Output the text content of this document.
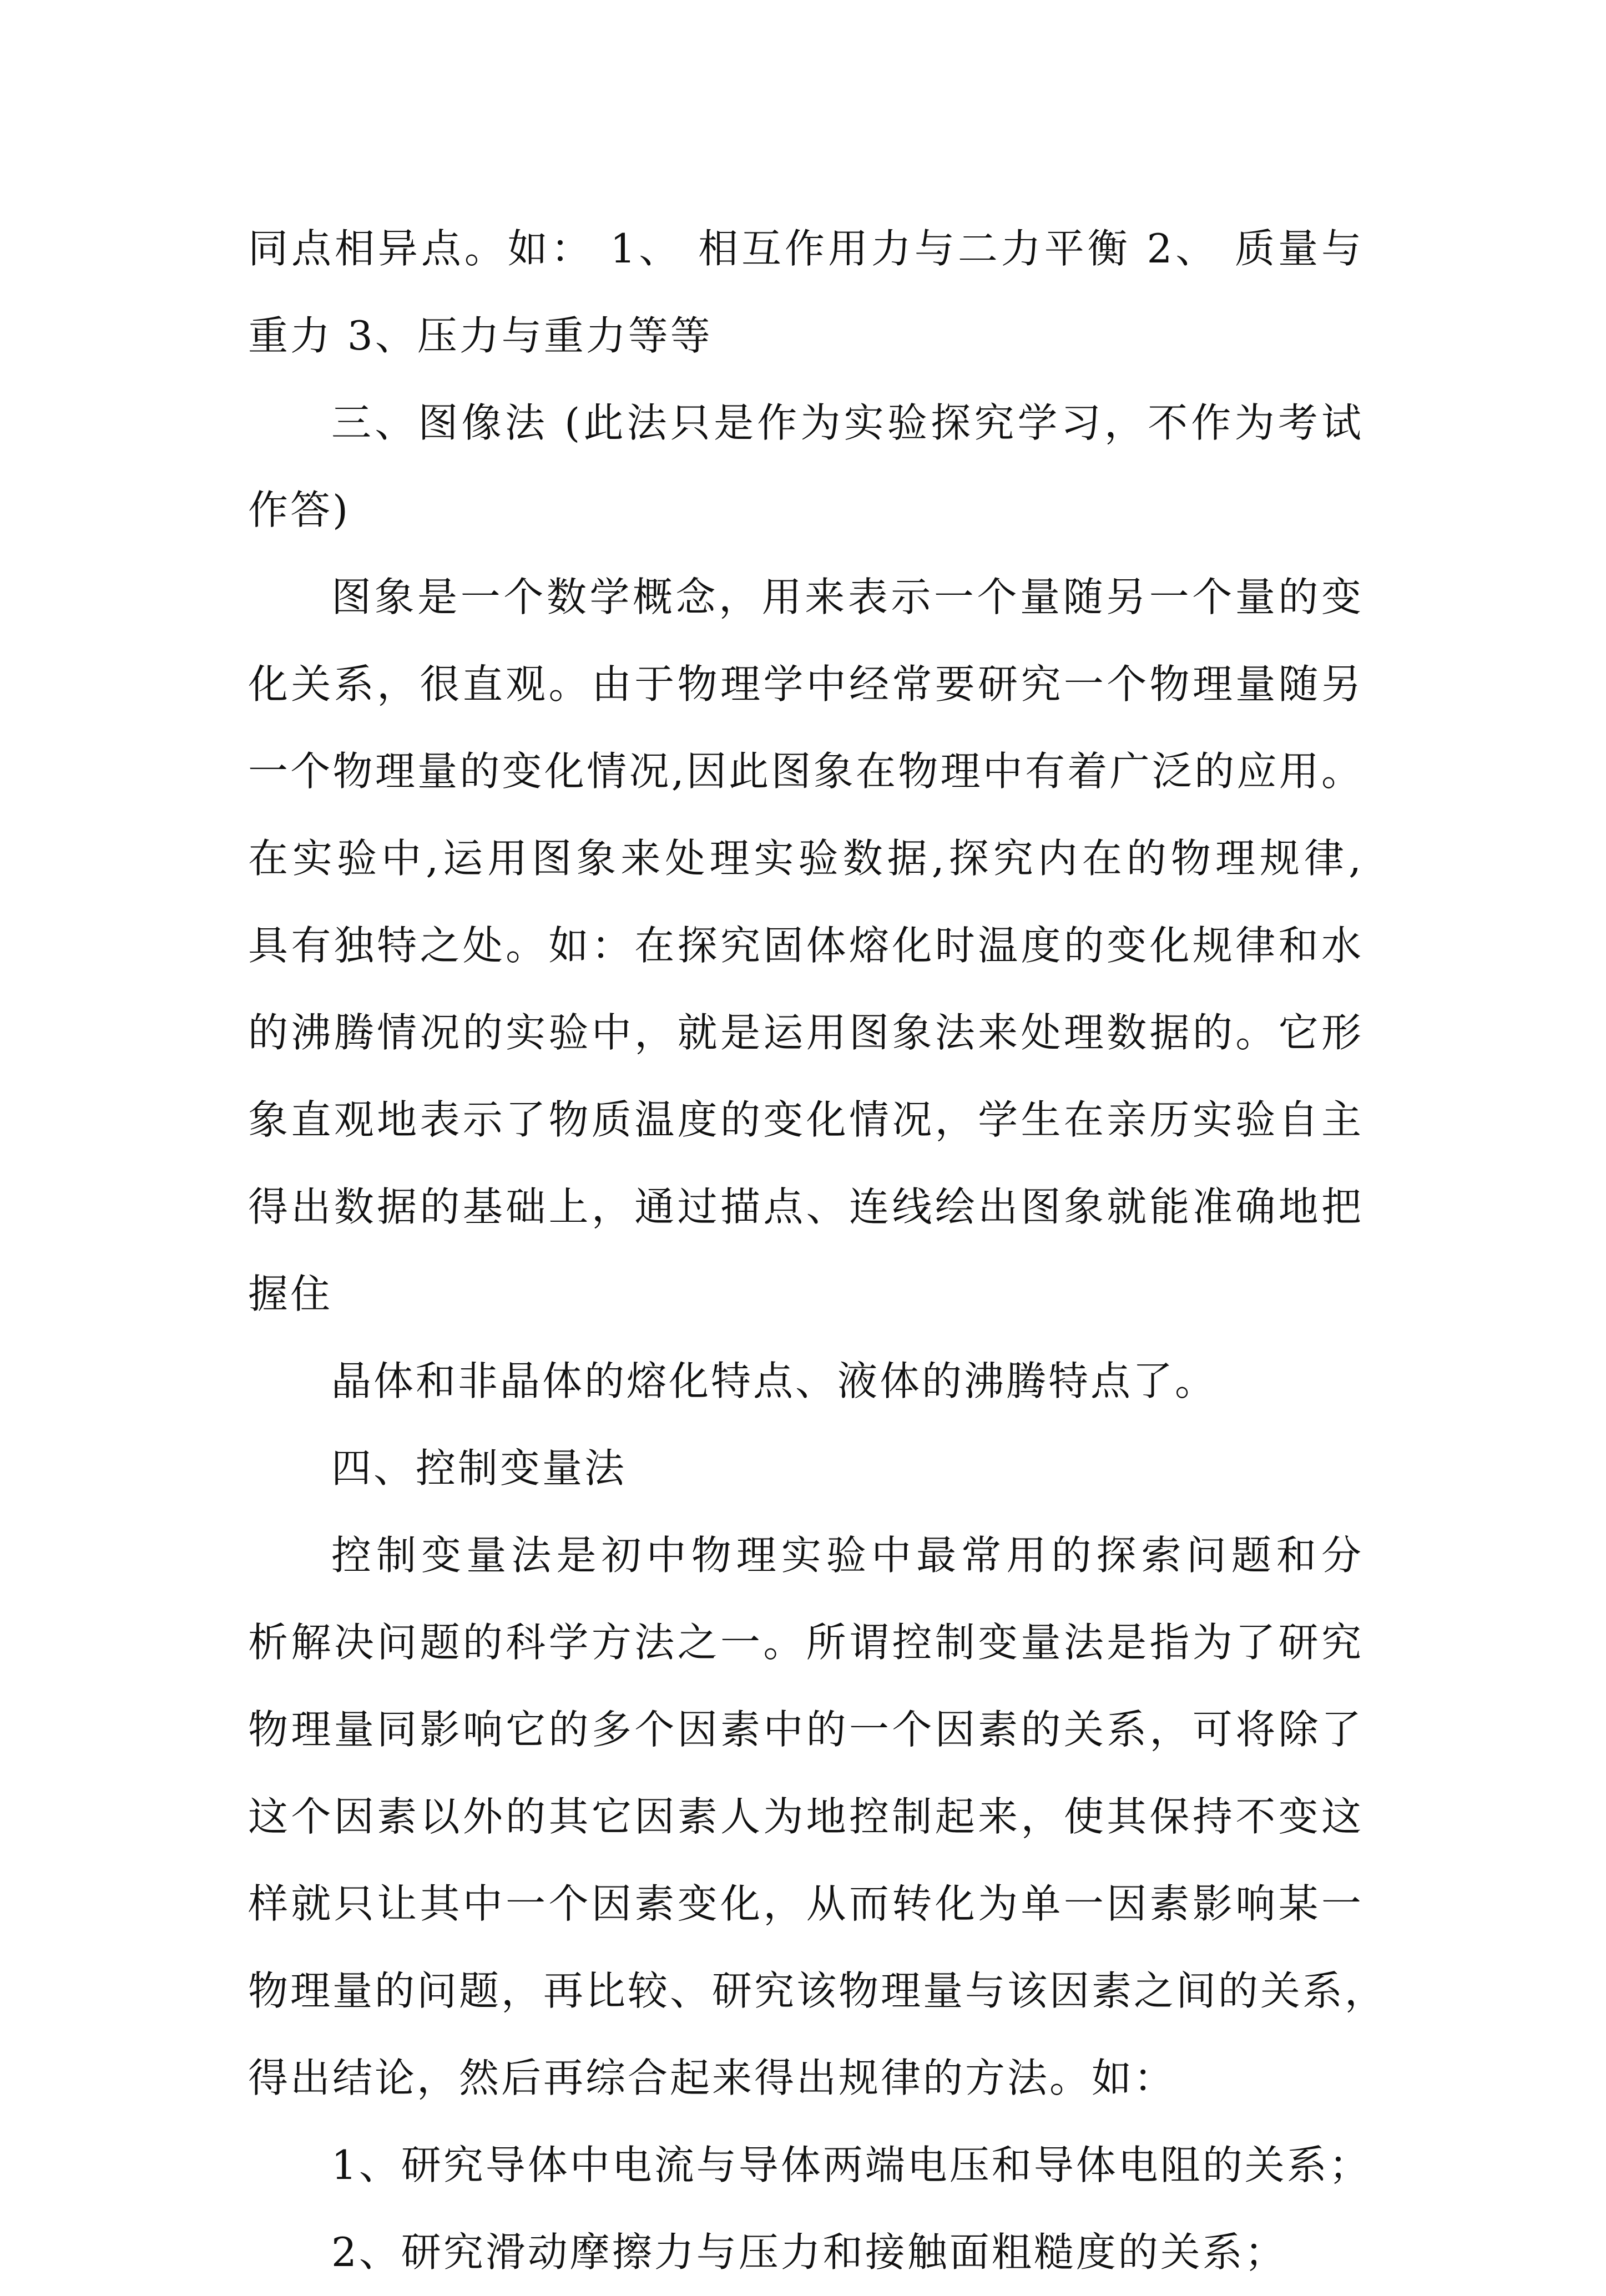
同点相异点。如： 1、 相互作用力与二力平衡 2、 质量与
重力 3、压力与重力等等
三、图像法 (此法只是作为实验探究学习，不作为考试
作答)
图象是一个数学概念，用来表示一个量随另一个量的变
化关系，很直观。由于物理学中经常要研究一个物理量随另
一个物理量的变化情况,因此图象在物理中有着广泛的应用。
在实验中,运用图象来处理实验数据,探究内在的物理规律,
具有独特之处。如：在探究固体熔化时温度的变化规律和水
的沸腾情况的实验中，就是运用图象法来处理数据的。它形
象直观地表示了物质温度的变化情况，学生在亲历实验自主
得出数据的基础上，通过描点、连线绘出图象就能准确地把
握住
晶体和非晶体的熔化特点、液体的沸腾特点了。
四、控制变量法
控制变量法是初中物理实验中最常用的探索问题和分
析解决问题的科学方法之一。所谓控制变量法是指为了研究
物理量同影响它的多个因素中的一个因素的关系，可将除了
这个因素以外的其它因素人为地控制起来，使其保持不变这
样就只让其中一个因素变化，从而转化为单一因素影响某一
物理量的问题，再比较、研究该物理量与该因素之间的关系，
得出结论，然后再综合起来得出规律的方法。如：
1、研究导体中电流与导体两端电压和导体电阻的关系；
2、研究滑动摩擦力与压力和接触面粗糙度的关系；
